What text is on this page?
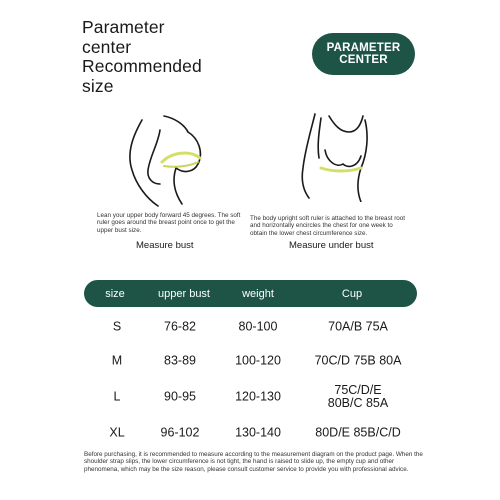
Parameter
center
Recommended
size
PARAMETER
CENTER
Lean your upper body forward 45 degrees. The soft ruler goes around the breast point once to get the upper bust size.
Measure bust
The body upright soft ruler is attached to the breast root and horizontally encircles the chest for one week to obtain the lower chest circumference size.
Measure under bust
size	upper bust	weight	Cup
S	76-82	80-100	70A/B 75A
M	83-89	100-120	70C/D 75B 80A
L	90-95	120-130	75C/D/E
80B/C 85A
XL	96-102	130-140	80D/E 85B/C/D
Before purchasing, it is recommended to measure according to the measurement diagram on the product page. When the shoulder strap slips, the lower circumference is not tight, the hand is raised to slide up, the empty cup and other phenomena, which may be the size reason, please consult customer service to provide you with professional advice.
